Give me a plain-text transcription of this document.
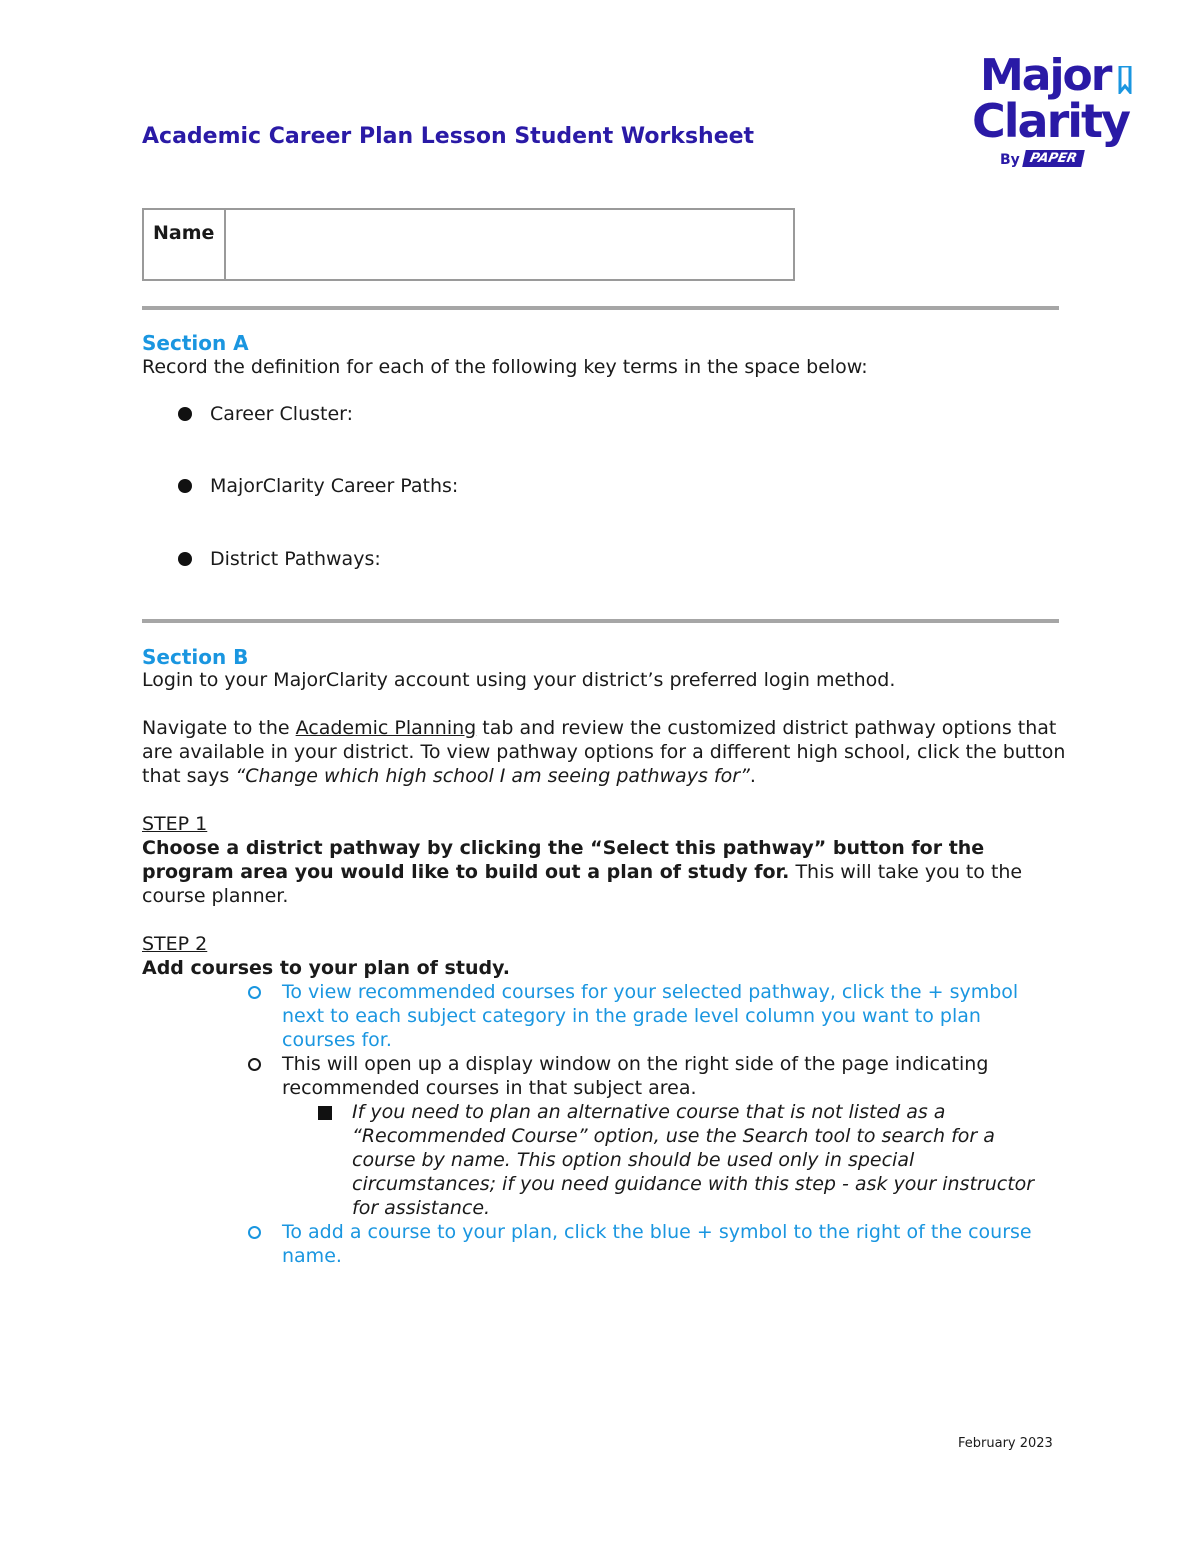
Major
Clarity
By PAPER
Academic Career Plan Lesson Student Worksheet
Name
Section A
Record the definition for each of the following key terms in the space below:
Career Cluster:
MajorClarity Career Paths:
District Pathways:
Section B
Login to your MajorClarity account using your district’s preferred login method.
Navigate to the Academic Planning tab and review the customized district pathway options that are available in your district. To view pathway options for a different high school, click the button that says “Change which high school I am seeing pathways for”.
STEP 1
Choose a district pathway by clicking the “Select this pathway” button for the program area you would like to build out a plan of study for. This will take you to the course planner.
STEP 2
Add courses to your plan of study.
To view recommended courses for your selected pathway, click the + symbol next to each subject category in the grade level column you want to plan courses for.
This will open up a display window on the right side of the page indicating recommended courses in that subject area.
If you need to plan an alternative course that is not listed as a “Recommended Course” option, use the Search tool to search for a course by name. This option should be used only in special circumstances; if you need guidance with this step - ask your instructor for assistance.
To add a course to your plan, click the blue + symbol to the right of the course name.
February 2023
